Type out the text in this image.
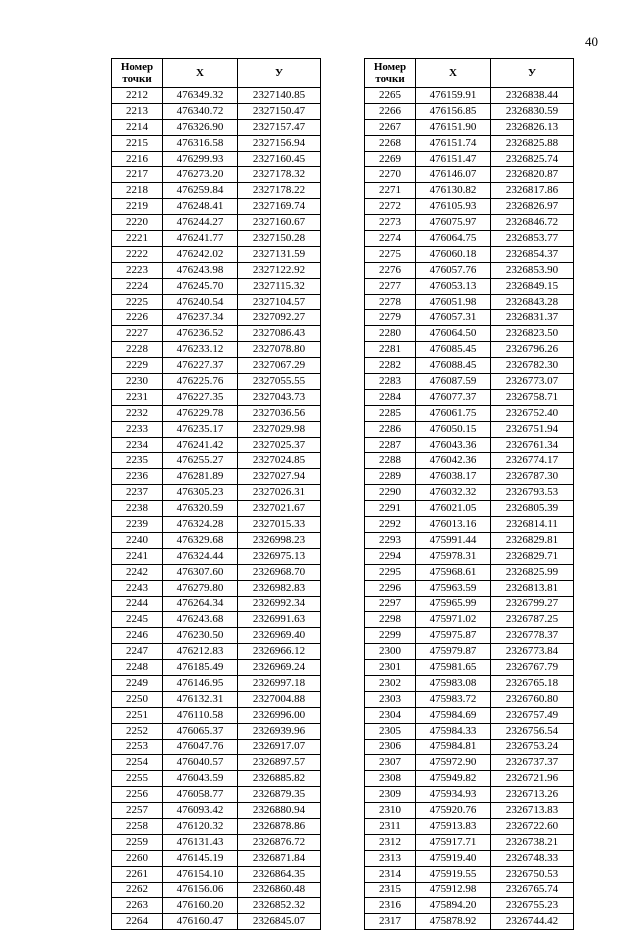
40
Номер
точки	Х	У
2212	476349.32	2327140.85
2213	476340.72	2327150.47
2214	476326.90	2327157.47
2215	476316.58	2327156.94
2216	476299.93	2327160.45
2217	476273.20	2327178.32
2218	476259.84	2327178.22
2219	476248.41	2327169.74
2220	476244.27	2327160.67
2221	476241.77	2327150.28
2222	476242.02	2327131.59
2223	476243.98	2327122.92
2224	476245.70	2327115.32
2225	476240.54	2327104.57
2226	476237.34	2327092.27
2227	476236.52	2327086.43
2228	476233.12	2327078.80
2229	476227.37	2327067.29
2230	476225.76	2327055.55
2231	476227.35	2327043.73
2232	476229.78	2327036.56
2233	476235.17	2327029.98
2234	476241.42	2327025.37
2235	476255.27	2327024.85
2236	476281.89	2327027.94
2237	476305.23	2327026.31
2238	476320.59	2327021.67
2239	476324.28	2327015.33
2240	476329.68	2326998.23
2241	476324.44	2326975.13
2242	476307.60	2326968.70
2243	476279.80	2326982.83
2244	476264.34	2326992.34
2245	476243.68	2326991.63
2246	476230.50	2326969.40
2247	476212.83	2326966.12
2248	476185.49	2326969.24
2249	476146.95	2326997.18
2250	476132.31	2327004.88
2251	476110.58	2326996.00
2252	476065.37	2326939.96
2253	476047.76	2326917.07
2254	476040.57	2326897.57
2255	476043.59	2326885.82
2256	476058.77	2326879.35
2257	476093.42	2326880.94
2258	476120.32	2326878.86
2259	476131.43	2326876.72
2260	476145.19	2326871.84
2261	476154.10	2326864.35
2262	476156.06	2326860.48
2263	476160.20	2326852.32
2264	476160.47	2326845.07
Номер
точки	Х	У
2265	476159.91	2326838.44
2266	476156.85	2326830.59
2267	476151.90	2326826.13
2268	476151.74	2326825.88
2269	476151.47	2326825.74
2270	476146.07	2326820.87
2271	476130.82	2326817.86
2272	476105.93	2326826.97
2273	476075.97	2326846.72
2274	476064.75	2326853.77
2275	476060.18	2326854.37
2276	476057.76	2326853.90
2277	476053.13	2326849.15
2278	476051.98	2326843.28
2279	476057.31	2326831.37
2280	476064.50	2326823.50
2281	476085.45	2326796.26
2282	476088.45	2326782.30
2283	476087.59	2326773.07
2284	476077.37	2326758.71
2285	476061.75	2326752.40
2286	476050.15	2326751.94
2287	476043.36	2326761.34
2288	476042.36	2326774.17
2289	476038.17	2326787.30
2290	476032.32	2326793.53
2291	476021.05	2326805.39
2292	476013.16	2326814.11
2293	475991.44	2326829.81
2294	475978.31	2326829.71
2295	475968.61	2326825.99
2296	475963.59	2326813.81
2297	475965.99	2326799.27
2298	475971.02	2326787.25
2299	475975.87	2326778.37
2300	475979.87	2326773.84
2301	475981.65	2326767.79
2302	475983.08	2326765.18
2303	475983.72	2326760.80
2304	475984.69	2326757.49
2305	475984.33	2326756.54
2306	475984.81	2326753.24
2307	475972.90	2326737.37
2308	475949.82	2326721.96
2309	475934.93	2326713.26
2310	475920.76	2326713.83
2311	475913.83	2326722.60
2312	475917.71	2326738.21
2313	475919.40	2326748.33
2314	475919.55	2326750.53
2315	475912.98	2326765.74
2316	475894.20	2326755.23
2317	475878.92	2326744.42
